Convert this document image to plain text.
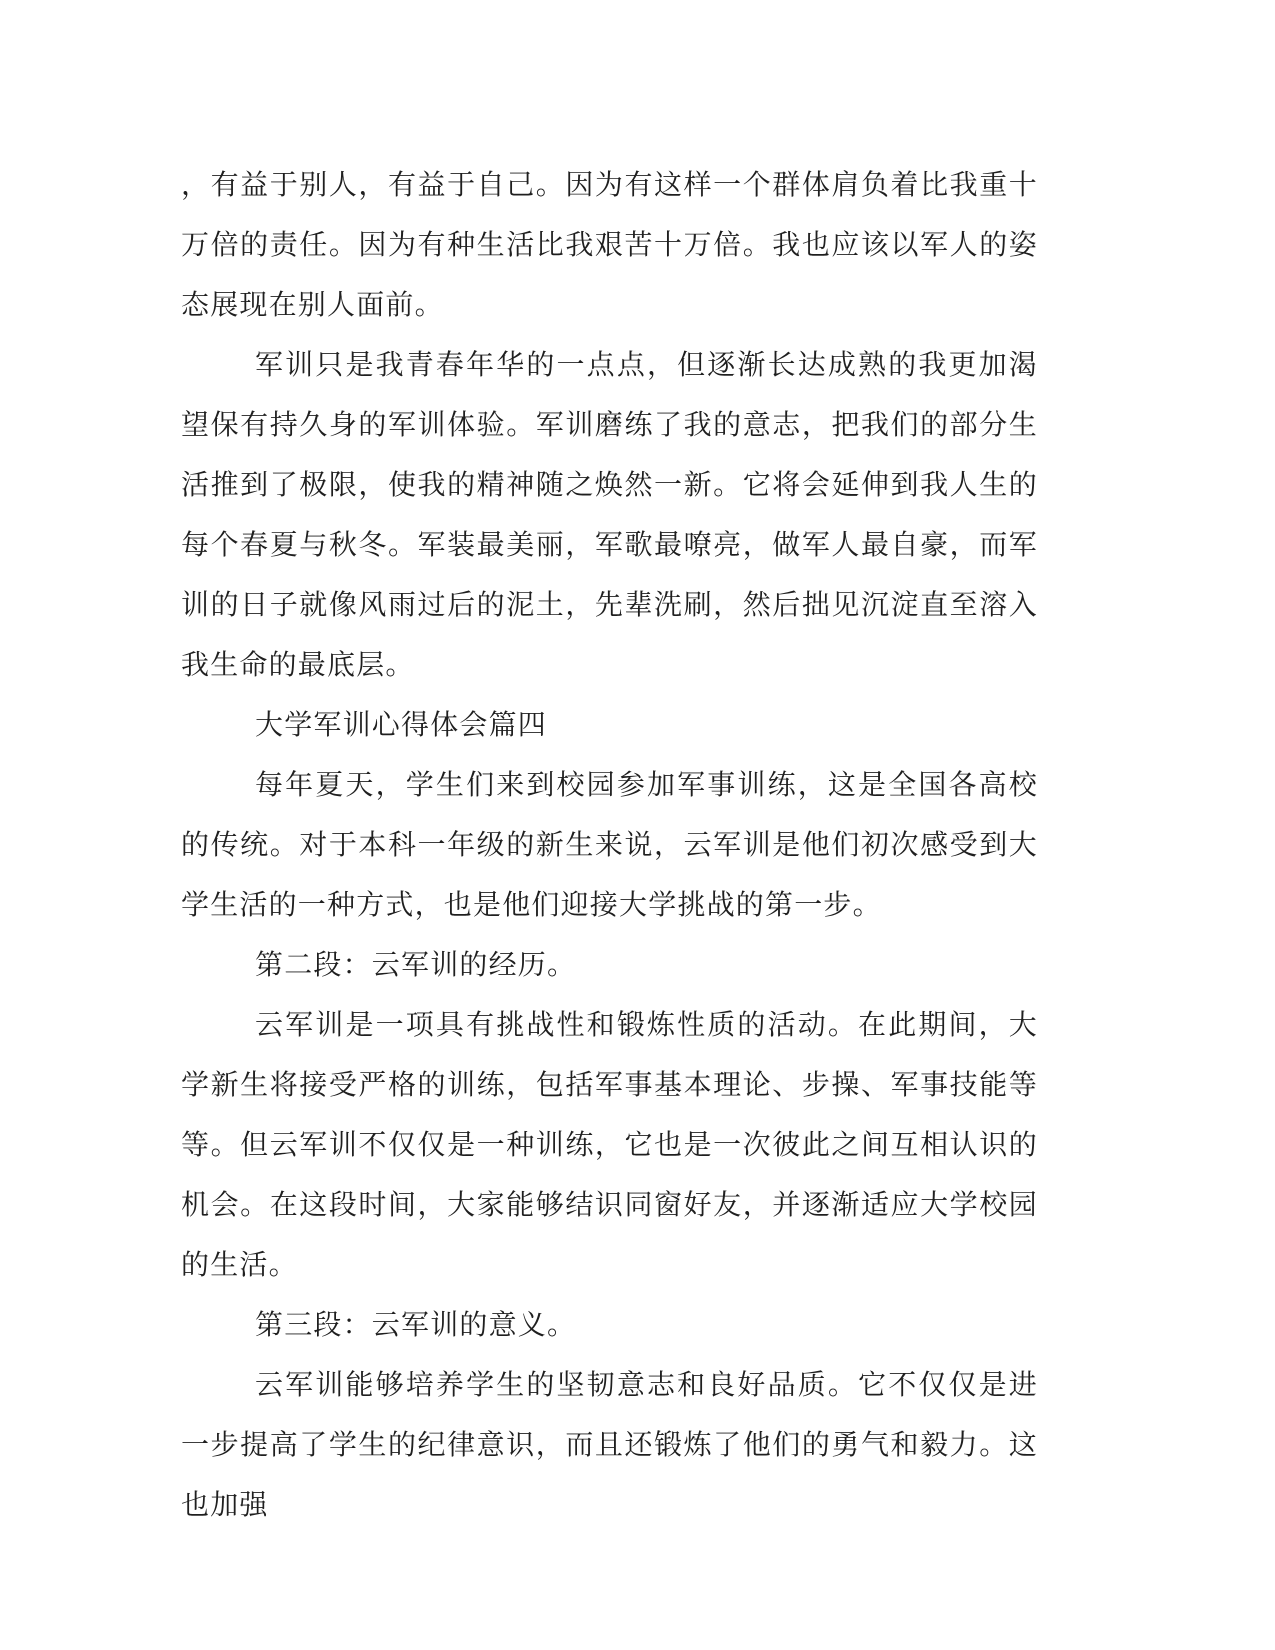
，有益于别人，有益于自己。因为有这样一个群体肩负着比我重十万倍的责任。因为有种生活比我艰苦十万倍。我也应该以军人的姿态展现在别人面前。

军训只是我青春年华的一点点，但逐渐长达成熟的我更加渴望保有持久身的军训体验。军训磨练了我的意志，把我们的部分生活推到了极限，使我的精神随之焕然一新。它将会延伸到我人生的每个春夏与秋冬。军装最美丽，军歌最嘹亮，做军人最自豪，而军训的日子就像风雨过后的泥土，先辈洗刷，然后拙见沉淀直至溶入我生命的最底层。

大学军训心得体会篇四

每年夏天，学生们来到校园参加军事训练，这是全国各高校的传统。对于本科一年级的新生来说，云军训是他们初次感受到大学生活的一种方式，也是他们迎接大学挑战的第一步。

第二段：云军训的经历。

云军训是一项具有挑战性和锻炼性质的活动。在此期间，大学新生将接受严格的训练，包括军事基本理论、步操、军事技能等等。但云军训不仅仅是一种训练，它也是一次彼此之间互相认识的机会。在这段时间，大家能够结识同窗好友，并逐渐适应大学校园的生活。

第三段：云军训的意义。

云军训能够培养学生的坚韧意志和良好品质。它不仅仅是进一步提高了学生的纪律意识，而且还锻炼了他们的勇气和毅力。这也加强
